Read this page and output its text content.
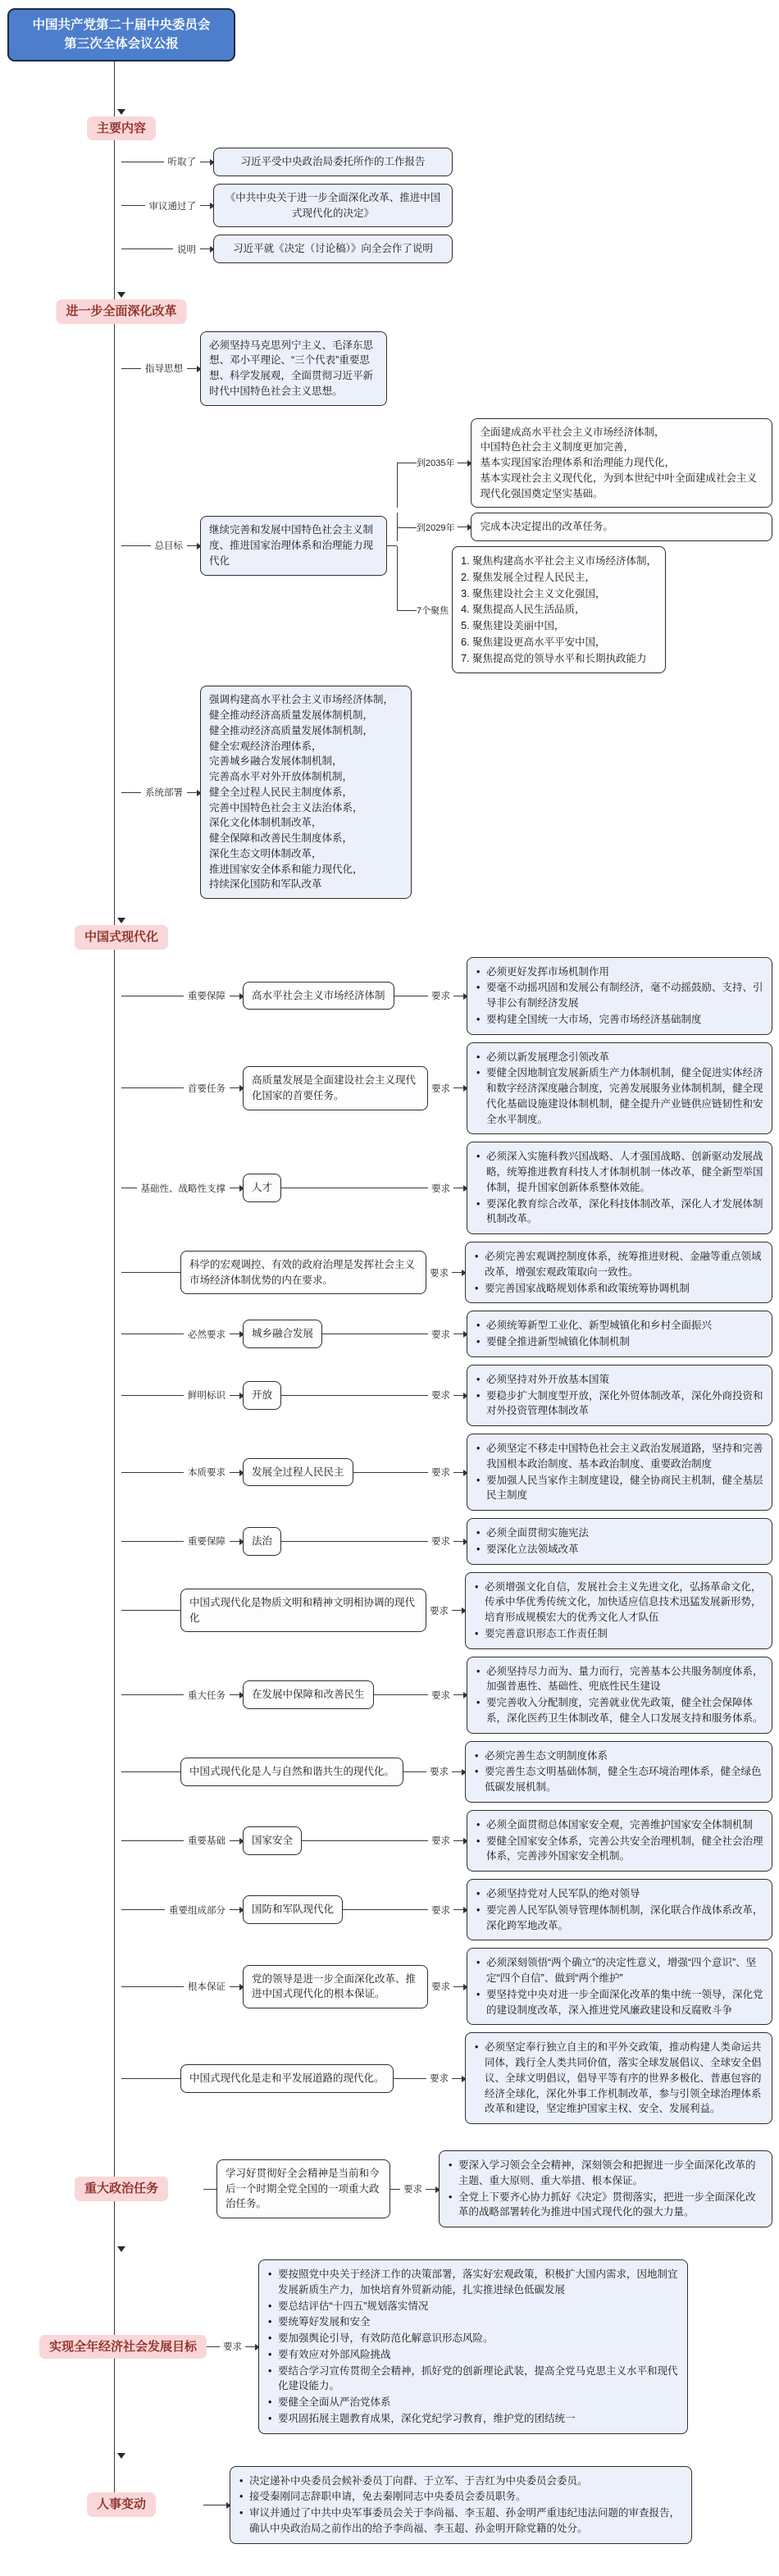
中国共产党第二十届中央委员会
第三次全体会议公报
主要内容
听取了	习近平受中央政治局委托所作的工作报告
审议通过了
《中共中央关于进一步全面深化改革、推进中国式现代化的决定》
说明	习近平就《决定（讨论稿）》向全会作了说明
进一步全面深化改革
指导思想
必须坚持马克思列宁主义、毛泽东思想、邓小平理论、“三个代表”重要思想、科学发展观，全面贯彻习近平新时代中国特色社会主义思想。
总目标
继续完善和发展中国特色社会主义制度、推进国家治理体系和治理能力现代化
到2035年
全面建成高水平社会主义市场经济体制，
中国特色社会主义制度更加完善，
基本实现国家治理体系和治理能力现代化，
基本实现社会主义现代化，为到本世纪中叶全面建成社会主义现代化强国奠定坚实基础。
到2029年	完成本决定提出的改革任务。
7个聚焦
聚焦构建高水平社会主义市场经济体制，
聚焦发展全过程人民民主，
聚焦建设社会主义文化强国，
聚焦提高人民生活品质，
聚焦建设美丽中国，
聚焦建设更高水平平安中国，
聚焦提高党的领导水平和长期执政能力
系统部署
强调构建高水平社会主义市场经济体制，
健全推动经济高质量发展体制机制，
健全推动经济高质量发展体制机制，
健全宏观经济治理体系，
完善城乡融合发展体制机制，
完善高水平对外开放体制机制，
健全全过程人民民主制度体系，
完善中国特色社会主义法治体系，
深化文化体制机制改革，
健全保障和改善民生制度体系，
深化生态文明体制改革，
推进国家安全体系和能力现代化，
持续深化国防和军队改革
中国式现代化
重要保障	高水平社会主义市场经济体制	要求
• 必须更好发挥市场机制作用
• 要毫不动摇巩固和发展公有制经济，毫不动摇鼓励、支持、引导非公有制经济发展
• 要构建全国统一大市场，完善市场经济基础制度
首要任务
高质量发展是全面建设社会主义现代化国家的首要任务。
要求
• 必须以新发展理念引领改革
• 要健全因地制宜发展新质生产力体制机制，健全促进实体经济和数字经济深度融合制度，完善发展服务业体制机制，健全现代化基础设施建设体制机制，健全提升产业链供应链韧性和安全水平制度。
基础性、战略性支撑	人才	要求
• 必须深入实施科教兴国战略、人才强国战略、创新驱动发展战略，统筹推进教育科技人才体制机制一体改革，健全新型举国体制，提升国家创新体系整体效能。
• 要深化教育综合改革，深化科技体制改革，深化人才发展体制机制改革。
科学的宏观调控、有效的政府治理是发挥社会主义市场经济体制优势的内在要求。
要求
• 必须完善宏观调控制度体系，统筹推进财税、金融等重点领域改革，增强宏观政策取向一致性。
• 要完善国家战略规划体系和政策统筹协调机制
必然要求	城乡融合发展	要求
• 必须统筹新型工业化、新型城镇化和乡村全面振兴
• 要健全推进新型城镇化体制机制
鲜明标识	开放	要求
• 必须坚持对外开放基本国策
• 要稳步扩大制度型开放，深化外贸体制改革，深化外商投资和对外投资管理体制改革
本质要求	发展全过程人民民主	要求
• 必须坚定不移走中国特色社会主义政治发展道路，坚持和完善我国根本政治制度、基本政治制度、重要政治制度
• 要加强人民当家作主制度建设，健全协商民主机制，健全基层民主制度
重要保障	法治	要求
• 必须全面贯彻实施宪法
• 要深化立法领域改革
中国式现代化是物质文明和精神文明相协调的现代化
要求
• 必须增强文化自信，发展社会主义先进文化，弘扬革命文化，传承中华优秀传统文化，加快适应信息技术迅猛发展新形势，培育形成规模宏大的优秀文化人才队伍
• 要完善意识形态工作责任制
重大任务	在发展中保障和改善民生	要求
• 必须坚持尽力而为、量力而行，完善基本公共服务制度体系，加强普惠性、基础性、兜底性民生建设
• 要完善收入分配制度，完善就业优先政策，健全社会保障体系，深化医药卫生体制改革，健全人口发展支持和服务体系。
中国式现代化是人与自然和谐共生的现代化。	要求
• 必须完善生态文明制度体系
• 要完善生态文明基础体制，健全生态环境治理体系，健全绿色低碳发展机制。
重要基础	国家安全	要求
• 必须全面贯彻总体国家安全观，完善维护国家安全体制机制
• 要健全国家安全体系，完善公共安全治理机制，健全社会治理体系，完善涉外国家安全机制。
重要组成部分	国防和军队现代化	要求
• 必须坚持党对人民军队的绝对领导
• 要完善人民军队领导管理体制机制，深化联合作战体系改革，深化跨军地改革。
根本保证
党的领导是进一步全面深化改革、推进中国式现代化的根本保证。
要求
• 必须深刻领悟“两个确立”的决定性意义，增强“四个意识”、坚定“四个自信”、做到“两个维护”
• 要坚持党中央对进一步全面深化改革的集中统一领导，深化党的建设制度改革，深入推进党风廉政建设和反腐败斗争
中国式现代化是走和平发展道路的现代化。	要求
• 必须坚定奉行独立自主的和平外交政策，推动构建人类命运共同体，践行全人类共同价值，落实全球发展倡议、全球安全倡议、全球文明倡议，倡导平等有序的世界多极化、普惠包容的经济全球化，深化外事工作机制改革，参与引领全球治理体系改革和建设，坚定维护国家主权、安全、发展利益。
重大政治任务
学习好贯彻好全会精神是当前和今后一个时期全党全国的一项重大政治任务。
要求
• 要深入学习领会全会精神，深刻领会和把握进一步全面深化改革的主题、重大原则、重大举措、根本保证。
• 全党上下要齐心协力抓好《决定》贯彻落实，把进一步全面深化改革的战略部署转化为推进中国式现代化的强大力量。
实现全年经济社会发展目标	要求
• 要按照党中央关于经济工作的决策部署，落实好宏观政策，积极扩大国内需求，因地制宜发展新质生产力，加快培育外贸新动能，扎实推进绿色低碳发展
• 要总结评估“十四五”规划落实情况
• 要统筹好发展和安全
• 要加强舆论引导，有效防范化解意识形态风险。
• 要有效应对外部风险挑战
• 要结合学习宣传贯彻全会精神，抓好党的创新理论武装，提高全党马克思主义水平和现代化建设能力。
• 要健全全面从严治党体系
• 要巩固拓展主题教育成果，深化党纪学习教育，维护党的团结统一
人事变动
• 决定递补中央委员会候补委员丁向群、于立军、于吉红为中央委员会委员。
• 接受秦刚同志辞职申请，免去秦刚同志中央委员会委员职务。
• 审议并通过了中共中央军事委员会关于李尚福、李玉超、孙金明严重违纪违法问题的审查报告，确认中央政治局之前作出的给予李尚福、李玉超、孙金明开除党籍的处分。
